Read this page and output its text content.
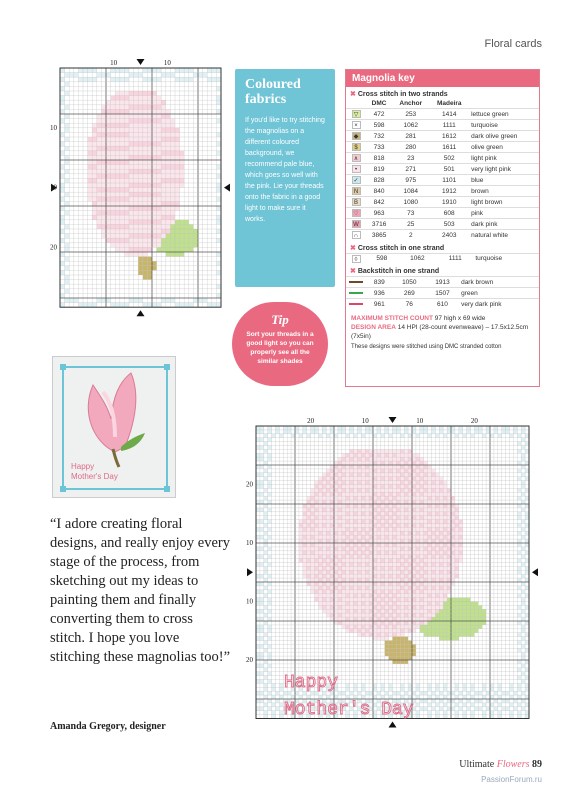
Floral cards
10	10
10
10
20
Coloured fabrics

If you'd like to try stitching the magnolias on a different coloured background, we recommend pale blue, which goes so well with the pink. Lie your threads onto the fabric in a good light to make sure it works.

Tip
Sort your threads in a good light so you can properly see all the similar shades
Magnolia key
✖ Cross stitch in two strands
	DMC	Anchor	Madeira	
▽	472	253	1414	lettuce green
×	598	1062	1111	turquoise
◆	732	281	1612	dark olive green
$	733	280	1611	olive green
∧	818	23	502	light pink
•	819	271	501	very light pink
✓	828	975	1101	blue
N	840	1084	1912	brown
B	842	1080	1910	light brown
♡	963	73	608	pink
W	3716	25	503	dark pink
∩	3865	2	2403	natural white
✖ Cross stitch in one strand
◊	598	1062	1111	turquoise
✖ Backstitch in one strand
	839	1050	1913	dark brown
	936	269	1507	green
	961	76	610	very dark pink
MAXIMUM STITCH COUNT 97 high x 69 wide
DESIGN AREA 14 HPI (28-count evenweave) – 17.5x12.5cm (7x5in)
These designs were stitched using DMC stranded cotton
Happy
Mother's Day
“I adore creating floral designs, and really enjoy every stage of the process, from sketching out my ideas to painting them and finally converting them to cross stitch. I hope you love stitching these magnolias too!”
Amanda Gregory, designer
20	10	10	20
20
10
10
20
Happy
Mother's Day
Ultimate Flowers 89
PassionForum.ru
